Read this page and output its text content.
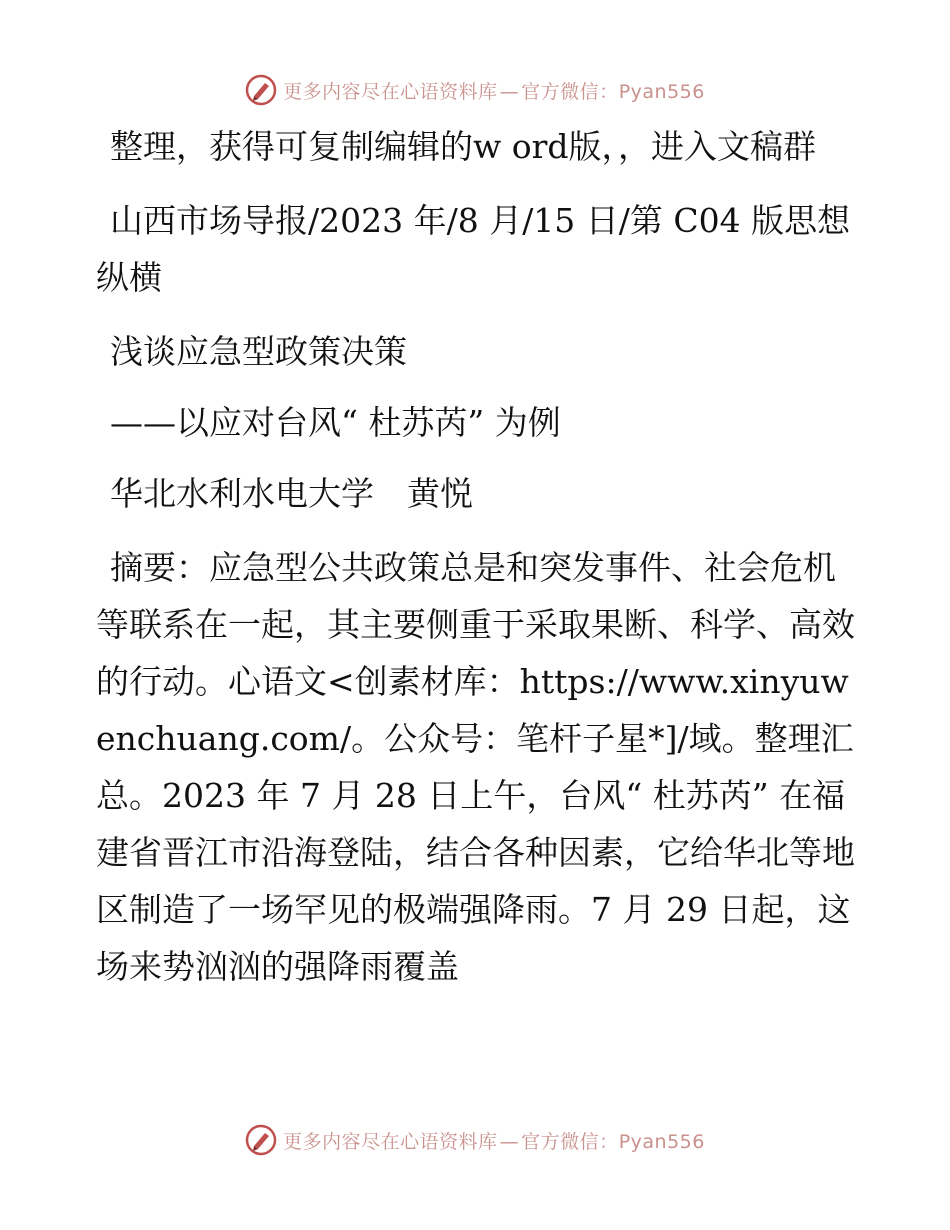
更多内容尽在心语资料库 — 官方微信：Pyan556

整理，获得可复制编辑的w ord版，，进入文稿群

山西市场导报/2023 年/8 月/15 日/第 C04 版思想纵横

浅谈应急型政策决策

——以应对台风“ 杜苏芮” 为例

华北水利水电大学　黄悦

摘要：应急型公共政策总是和突发事件、社会危机等联系在一起，其主要侧重于采取果断、科学、高效的行动。心语文<创素材库：https://www.xinyuwenchuang.com/。公众号：笔杆子星*]/域。整理汇总。2023 年 7 月 28 日上午，台风“ 杜苏芮” 在福建省晋江市沿海登陆，结合各种因素，它给华北等地区制造了一场罕见的极端强降雨。7 月 29 日起，这场来势汹汹的强降雨覆盖

更多内容尽在心语资料库 — 官方微信：Pyan556
